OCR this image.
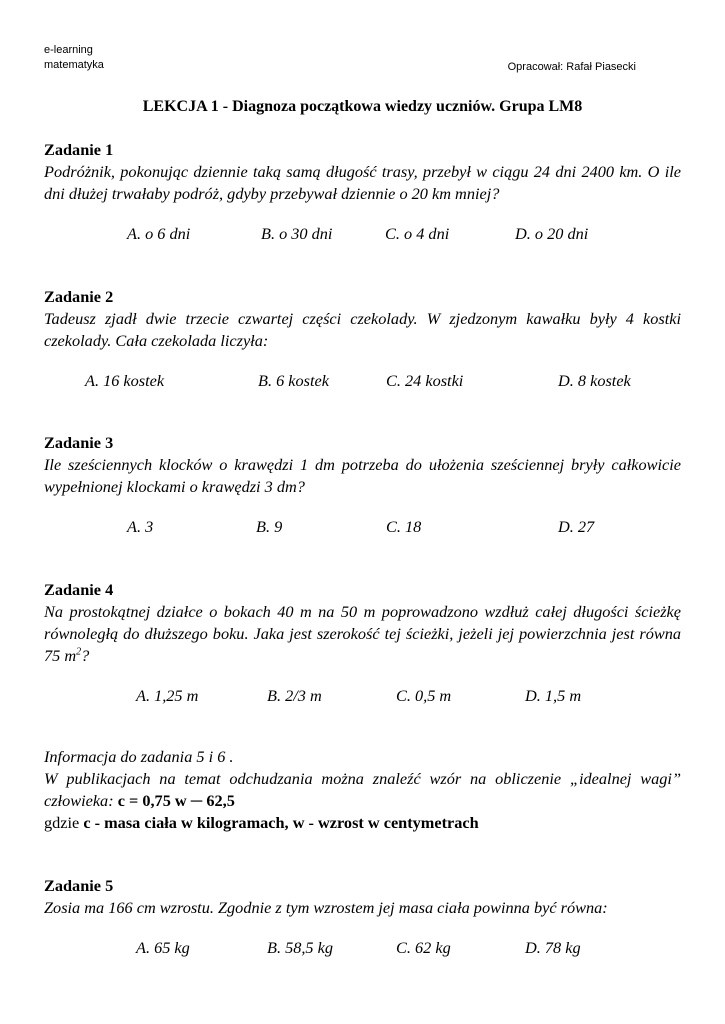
e-learning
matematyka	Opracował: Rafał Piasecki
LEKCJA 1 - Diagnoza początkowa wiedzy uczniów. Grupa LM8
Zadanie 1
Podróżnik, pokonując dziennie taką samą długość trasy, przebył w ciągu 24 dni 2400 km. O ile dni dłużej trwałaby podróż, gdyby przebywał dziennie o 20 km mniej?
A. o 6 dni	B. o 30 dni	C. o 4 dni	D. o 20 dni
Zadanie 2
Tadeusz zjadł dwie trzecie czwartej części czekolady. W zjedzonym kawałku były 4 kostki czekolady. Cała czekolada liczyła:
A. 16 kostek	B. 6 kostek	C. 24 kostki	D. 8 kostek
Zadanie 3
Ile sześciennych klocków o krawędzi 1 dm potrzeba do ułożenia sześciennej bryły całkowicie wypełnionej klockami o krawędzi 3 dm?
A. 3	B. 9	C. 18	D. 27
Zadanie 4
Na prostokątnej działce o bokach 40 m na 50 m poprowadzono wzdłuż całej długości ścieżkę równoległą do dłuższego boku. Jaka jest szerokość tej ścieżki, jeżeli jej powierzchnia jest równa 75 $m^2$?
A. 1,25 m	B. 2/3 m	C. 0,5 m	D. 1,5 m
Informacja do zadania 5 i 6 .
W publikacjach na temat odchudzania można znaleźć wzór na obliczenie „idealnej wagi” człowieka: c = 0,75 w ─ 62,5
gdzie c - masa ciała w kilogramach, w - wzrost w centymetrach
Zadanie 5
Zosia ma 166 cm wzrostu. Zgodnie z tym wzrostem jej masa ciała powinna być równa:
A. 65 kg	B. 58,5 kg	C. 62 kg	D. 78 kg
